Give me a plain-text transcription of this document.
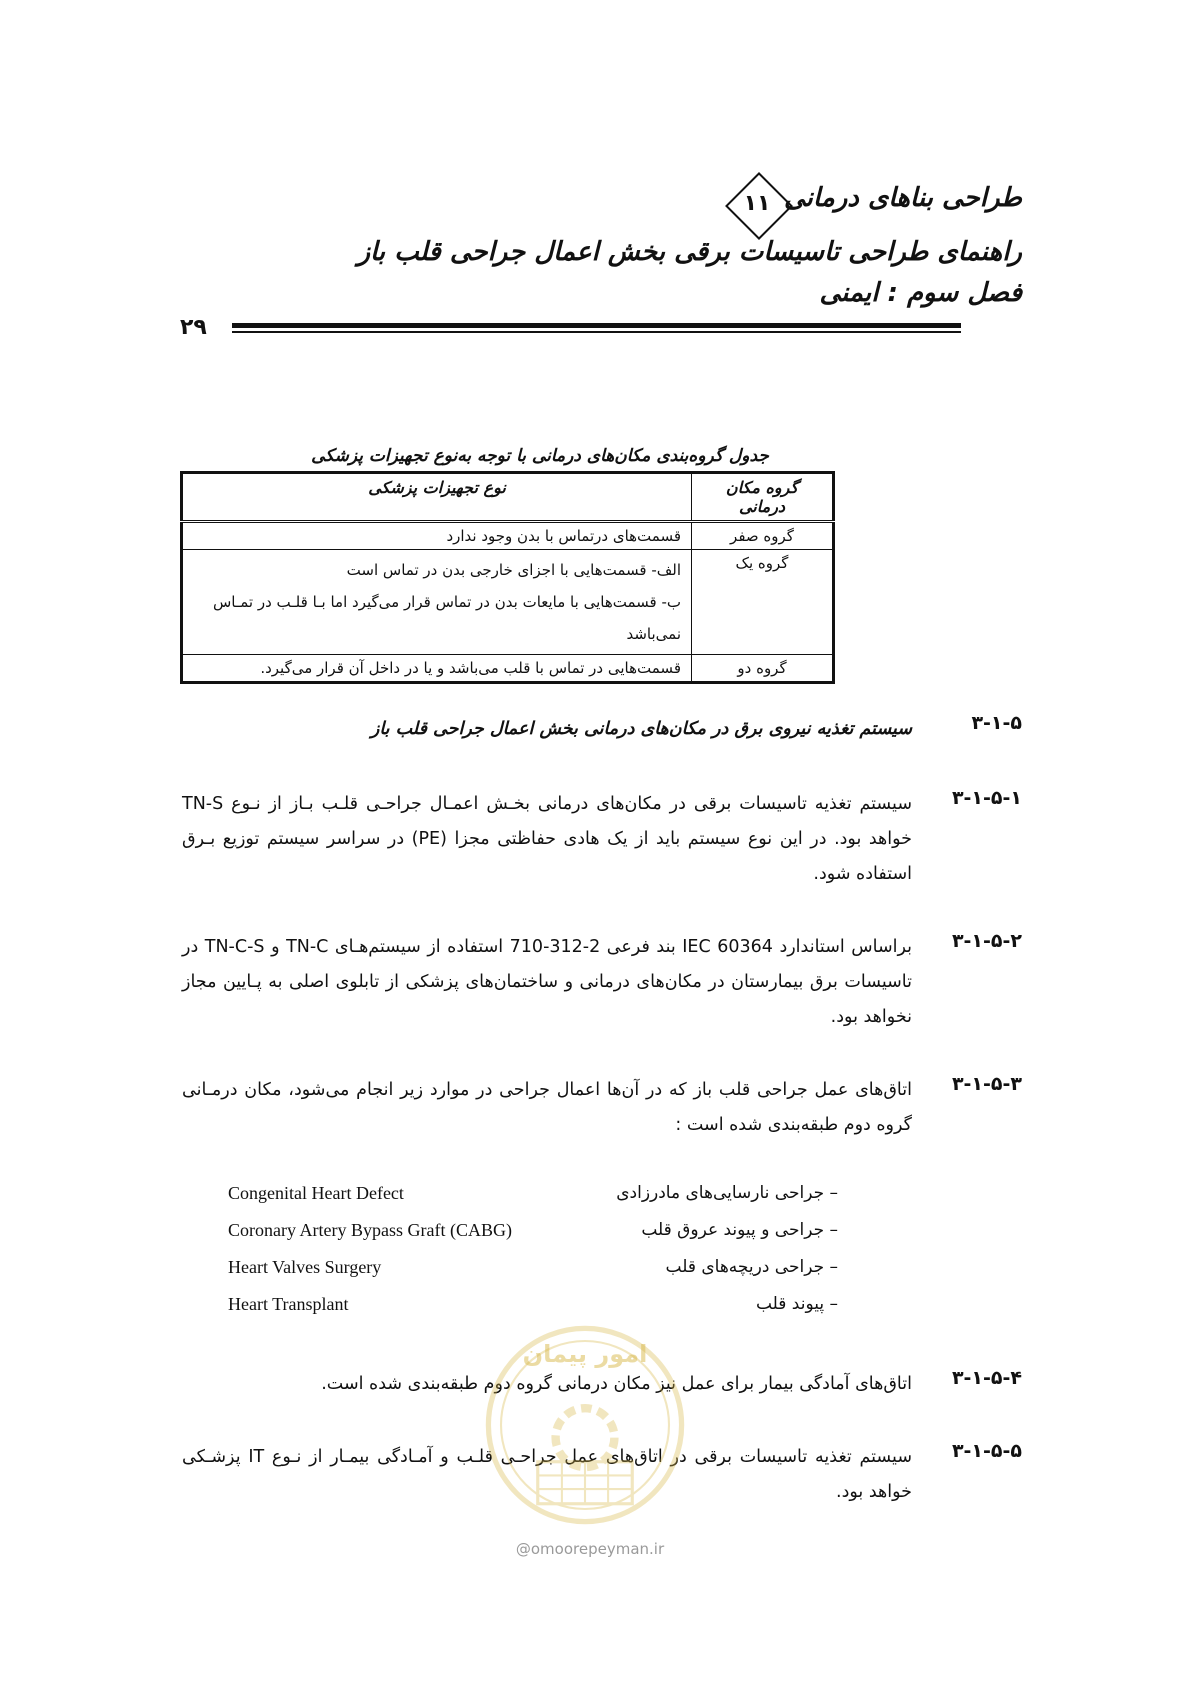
طراحی بناهای درمانی
۱۱
راهنمای طراحی تاسیسات برقی بخش اعمال جراحی قلب باز
فصل سوم : ایمنی
۲۹
جدول گروه‌بندی مکان‌های درمانی با توجه به‌نوع تجهیزات پزشکی
گروه مکان درمانی	نوع تجهیزات پزشکی
گروه صفر	قسمت‌های درتماس با بدن وجود ندارد

گروه یک	الف- قسمت‌هایی با اجزای خارجی بدن در تماس است
ب- قسمت‌هایی با مایعات بدن در تماس قرار می‌گیرد اما بـا قلـب در تمـاس نمی‌باشد

گروه دو	قسمت‌هایی در تماس با قلب می‌باشد و یا در داخل آن قرار می‌گیرد.
۳-۱-۵
سیستم تغذیه نیروی برق در مکان‌های درمانی بخش اعمال جراحی قلب باز
۳-۱-۵-۱
سیستم تغذیه تاسیسات برقی در مکان‌های درمانی بخـش اعمـال جراحـی قلـب بـاز از نـوع TN-S خواهد بود. در این نوع سیستم باید از یک هادی حفاظتی مجزا (PE) در سراسر سیستم توزیع بـرق استفاده شود.
۳-۱-۵-۲
براساس استاندارد IEC 60364 بند فرعی 2-312-710 استفاده از سیستم‌هـای TN-C و TN-C-S در تاسیسات برق بیمارستان در مکان‌های درمانی و ساختمان‌های پزشکی از تابلوی اصلی به پـایین مجاز نخواهد بود.
۳-۱-۵-۳
اتاق‌های عمل جراحی قلب باز که در آن‌ها اعمال جراحی در موارد زیر انجام می‌شود، مکان درمـانی گروه دوم طبقه‌بندی شده است :
Congenital Heart Defect	– جراحی نارسایی‌های مادرزادی
Coronary Artery Bypass Graft (CABG)	– جراحی و پیوند عروق قلب
Heart Valves Surgery	– جراحی دریچه‌های قلب
Heart Transplant	– پیوند قلب
۳-۱-۵-۴
اتاق‌های آمادگی بیمار برای عمل نیز مکان درمانی گروه دوم طبقه‌بندی شده است.
۳-۱-۵-۵
سیستم تغذیه تاسیسات برقی در اتاق‌های عمل جراحـی قلـب و آمـادگی بیمـار از نـوع IT پزشـکی خواهد بود.
امور پیمان
@omoorepeyman.ir
